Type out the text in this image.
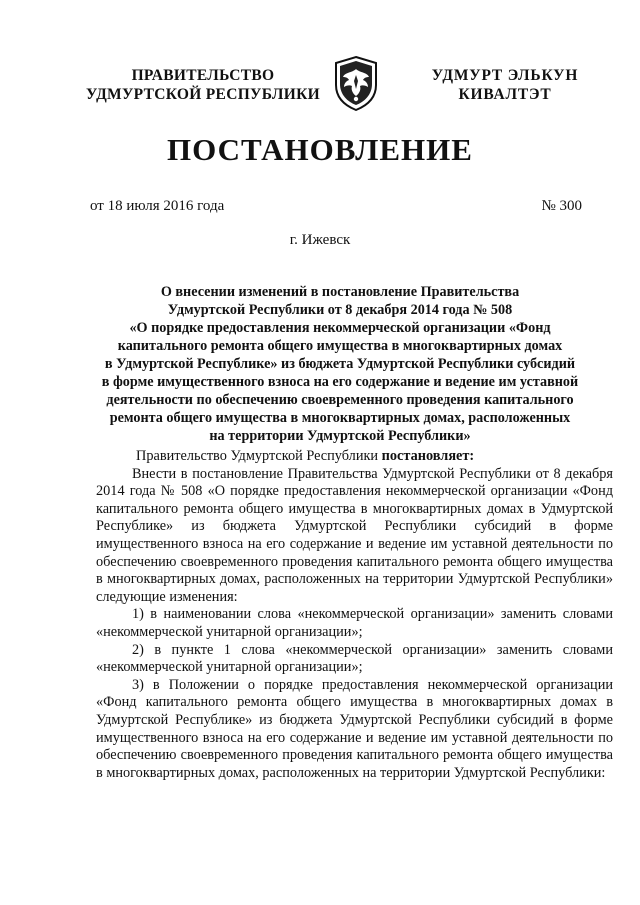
ПРАВИТЕЛЬСТВО
УДМУРТСКОЙ РЕСПУБЛИКИ
УДМУРТ ЭЛЬКУН
КИВАЛТЭТ
ПОСТАНОВЛЕНИЕ
от 18 июля 2016 года	№ 300
г. Ижевск
О внесении изменений в постановление Правительства
Удмуртской Республики от 8 декабря 2014 года № 508
«О порядке предоставления некоммерческой организации «Фонд
капитального ремонта общего имущества в многоквартирных домах
в Удмуртской Республике» из бюджета Удмуртской Республики субсидий
в форме имущественного взноса на его содержание и ведение им уставной
деятельности по обеспечению своевременного проведения капитального
ремонта общего имущества в многоквартирных домах, расположенных
на территории Удмуртской Республики»

Правительство Удмуртской Республики постановляет:

Внести в постановление Правительства Удмуртской Республики от 8 декабря 2014 года № 508 «О порядке предоставления некоммерческой организации «Фонд капитального ремонта общего имущества в многоквартирных домах в Удмуртской Республике» из бюджета Удмуртской Республики субсидий в форме имущественного взноса на его содержание и ведение им уставной деятельности по обеспечению своевременного проведения капитального ремонта общего имущества в многоквартирных домах, расположенных на территории Удмуртской Республики» следующие изменения:

1) в наименовании слова «некоммерческой организации» заменить словами «некоммерческой унитарной организации»;

2) в пункте 1 слова «некоммерческой организации» заменить словами «некоммерческой унитарной организации»;

3) в Положении о порядке предоставления некоммерческой организации «Фонд капитального ремонта общего имущества в многоквартирных домах в Удмуртской Республике» из бюджета Удмуртской Республики субсидий в форме имущественного взноса на его содержание и ведение им уставной деятельности по обеспечению своевременного проведения капитального ремонта общего имущества в многоквартирных домах, расположенных на территории Удмуртской Республики:
